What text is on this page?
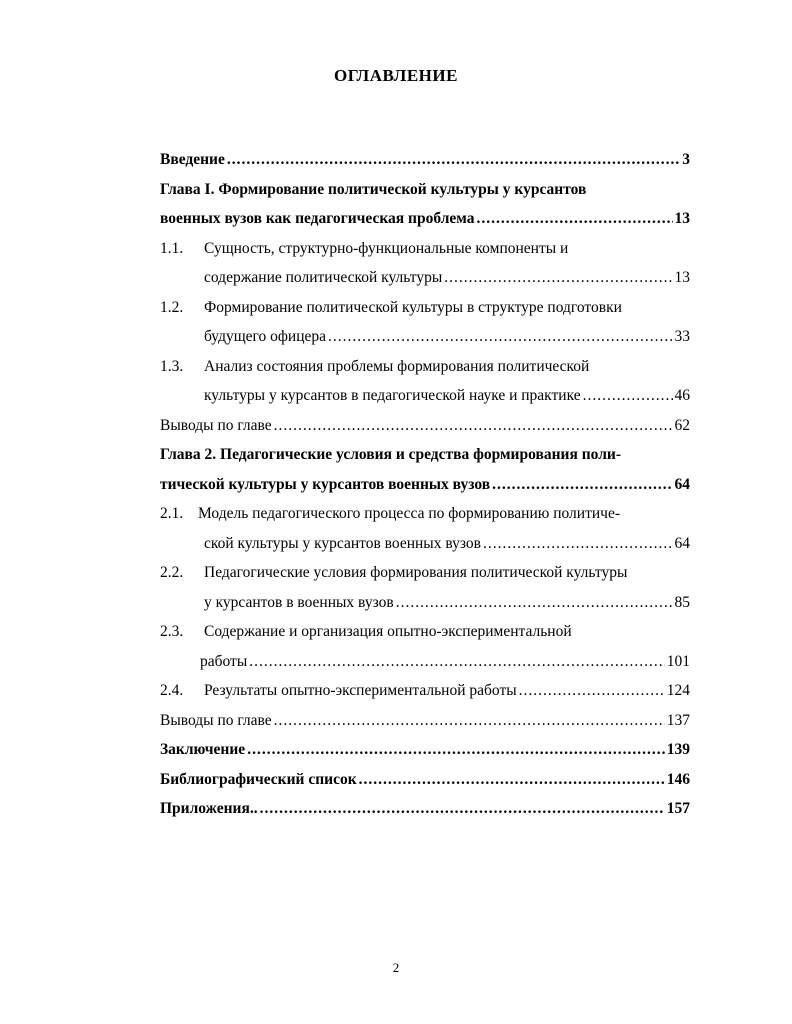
ОГЛАВЛЕНИЕ
Введение .....	3
Глава I. Формирование политической культуры у курсантов
военных вузов как педагогическая проблема .....	13
1.1. Сущность, структурно-функциональные компоненты и
содержание политической культуры .....	13
1.2. Формирование политической культуры в структуре подготовки
будущего офицера .....	33
1.3. Анализ состояния проблемы формирования политической
культуры у курсантов в педагогической науке и практике .....	46
Выводы по главе .....	62
Глава 2. Педагогические условия и средства формирования поли-
тической культуры у курсантов военных вузов .....	64
2.1. Модель педагогического процесса по формированию политиче-
ской культуры у курсантов военных вузов .....	64
2.2. Педагогические условия формирования политической культуры
у курсантов в военных вузов .....	85
2.3. Содержание и организация опытно-экспериментальной
работы .....	101
2.4. Результаты опытно-экспериментальной работы .....	124
Выводы по главе .....	137
Заключение .....	139
Библиографический список .....	146
Приложения.. .....	157
2
